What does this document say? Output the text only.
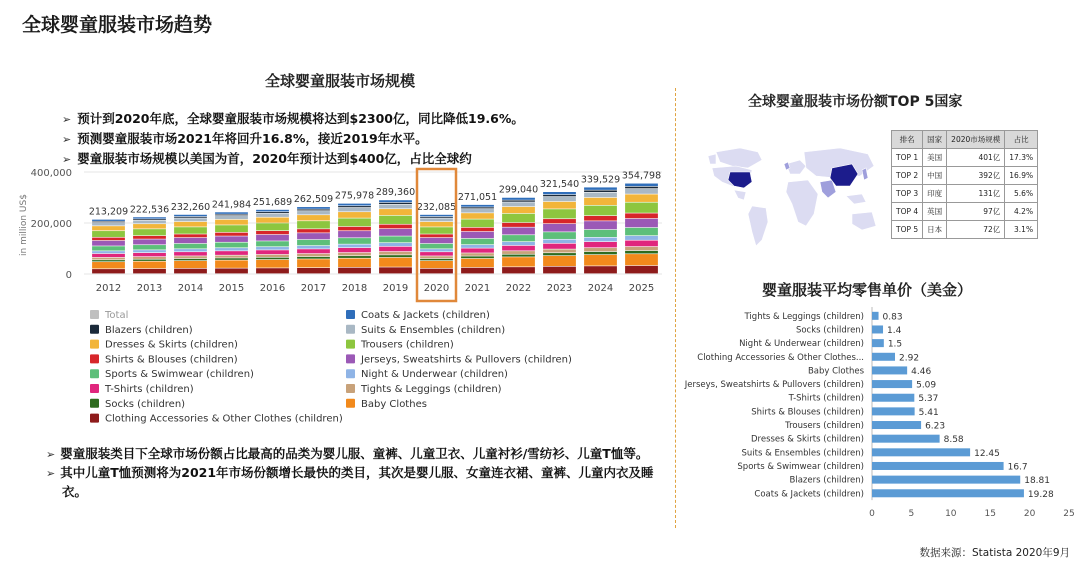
全球婴童服装市场趋势
全球婴童服装市场规模
➢ 预计到2020年底，全球婴童服装市场规模将达到$2300亿，同比降低19.6%。
➢ 预测婴童服装市场2021年将回升16.8%，接近2019年水平。
➢ 婴童服装市场规模以美国为首，2020年预计达到$400亿，占比全球约
0
200,000
400,000
in million US$	213,209
2012
222,536
2013
232,260
2014
241,984
2015
251,689
2016
262,509
2017
275,978
2018
289,360
2019
232,085
2020
271,051
2021
299,040
2022
321,540
2023
339,529
2024
354,798
2025
Total
Blazers (children)
Dresses & Skirts (children)
Shirts & Blouses (children)
Sports & Swimwear (children)
T-Shirts (children)
Socks (children)
Clothing Accessories & Other Clothes (children)
Coats & Jackets (children)
Suits & Ensembles (children)
Trousers (children)
Jerseys, Sweatshirts & Pullovers (children)
Night & Underwear (children)
Tights & Leggings (children)
Baby Clothes
0	5	10	15	20	25
Tights & Leggings (children) 0.83
Socks (children)	1.4
Night & Underwear (children)	1.5
Clothing Accessories & Other Clothes...	2.92
Baby Clothes	4.46
Jerseys, Sweatshirts & Pullovers (children)	5.09
T-Shirts (children)	5.37
Shirts & Blouses (children)	5.41
Trousers (children)	6.23
Dresses & Skirts (children)	8.58
Suits & Ensembles (children)	12.45
Sports & Swimwear (children)	16.7
Blazers (children)	18.81
Coats & Jackets (children)	19.28
➢ 婴童服装类目下全球市场份额占比最高的品类为婴儿服、童裤、儿童卫衣、儿童衬衫/雪纺衫、儿童T恤等。
➢ 其中儿童T恤预测将为2021年市场份额增长最快的类目，其次是婴儿服、女童连衣裙、童裤、儿童内衣及睡衣。
全球婴童服装市场份额TOP 5国家
排名	国家	2020市场规模	占比
TOP 1	美国	401亿	17.3%
TOP 2	中国	392亿	16.9%
TOP 3	印度	131亿	5.6%
TOP 4	英国	97亿	4.2%
TOP 5	日本	72亿	3.1%
婴童服装平均零售单价（美金）
数据来源：Statista 2020年9月
